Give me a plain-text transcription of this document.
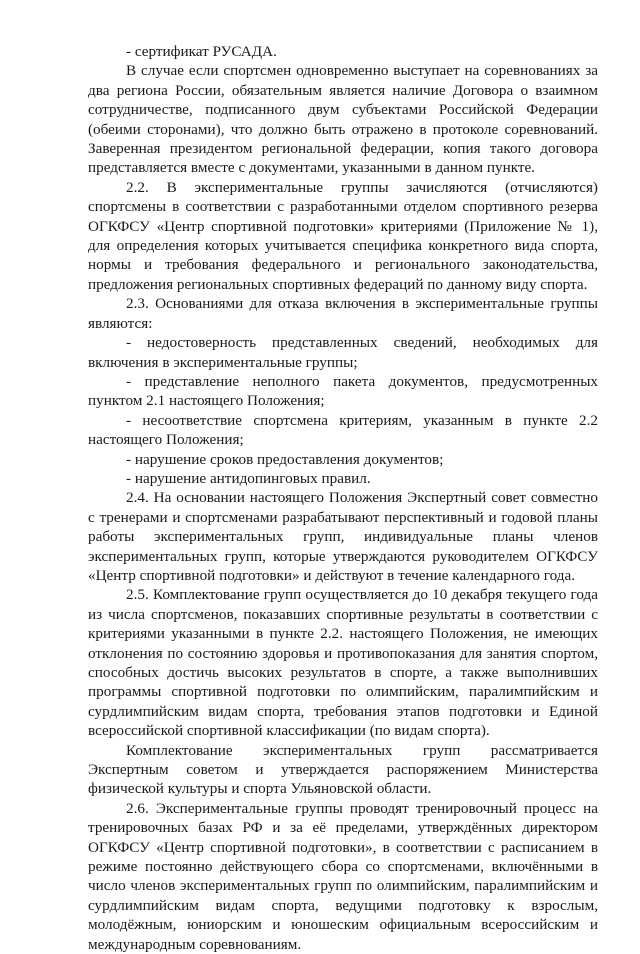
- сертификат РУСАДА.

В случае если спортсмен одновременно выступает на соревнованиях за два региона России, обязательным является наличие Договора о взаимном сотрудничестве, подписанного двум субъектами Российской Федерации (обеими сторонами), что должно быть отражено в протоколе соревнований. Заверенная президентом региональной федерации, копия такого договора представляется вместе с документами, указанными в данном пункте.

2.2. В экспериментальные группы зачисляются (отчисляются) спортсмены в соответствии с разработанными отделом спортивного резерва ОГКФСУ «Центр спортивной подготовки» критериями (Приложение № 1), для определения которых учитывается специфика конкретного вида спорта, нормы и требования федерального и регионального законодательства, предложения региональных спортивных федераций по данному виду спорта.

2.3. Основаниями для отказа включения в экспериментальные группы являются:

- недостоверность представленных сведений, необходимых для включения в экспериментальные группы;

- представление неполного пакета документов, предусмотренных пунктом 2.1 настоящего Положения;

- несоответствие спортсмена критериям, указанным в пункте 2.2 настоящего Положения;

- нарушение сроков предоставления документов;

- нарушение антидопинговых правил.

2.4. На основании настоящего Положения Экспертный совет совместно с тренерами и спортсменами разрабатывают перспективный и годовой планы работы экспериментальных групп, индивидуальные планы членов экспериментальных групп, которые утверждаются руководителем ОГКФСУ «Центр спортивной подготовки» и действуют в течение календарного года.

2.5. Комплектование групп осуществляется до 10 декабря текущего года из числа спортсменов, показавших спортивные результаты в соответствии с критериями указанными в пункте 2.2. настоящего Положения, не имеющих отклонения по состоянию здоровья и противопоказания для занятия спортом, способных достичь высоких результатов в спорте, а также выполнивших программы спортивной подготовки по олимпийским, паралимпийским и сурдлимпийским видам спорта, требования этапов подготовки и Единой всероссийской спортивной классификации (по видам спорта).

Комплектование экспериментальных групп рассматривается Экспертным советом и утверждается распоряжением Министерства физической культуры и спорта Ульяновской области.

2.6. Экспериментальные группы проводят тренировочный процесс на тренировочных базах РФ и за её пределами, утверждённых директором ОГКФСУ «Центр спортивной подготовки», в соответствии с расписанием в режиме постоянно действующего сбора со спортсменами, включёнными в число членов экспериментальных групп по олимпийским, паралимпийским и сурдлимпийским видам спорта, ведущими подготовку к взрослым, молодёжным, юниорским и юношеским официальным всероссийским и международным соревнованиям.
